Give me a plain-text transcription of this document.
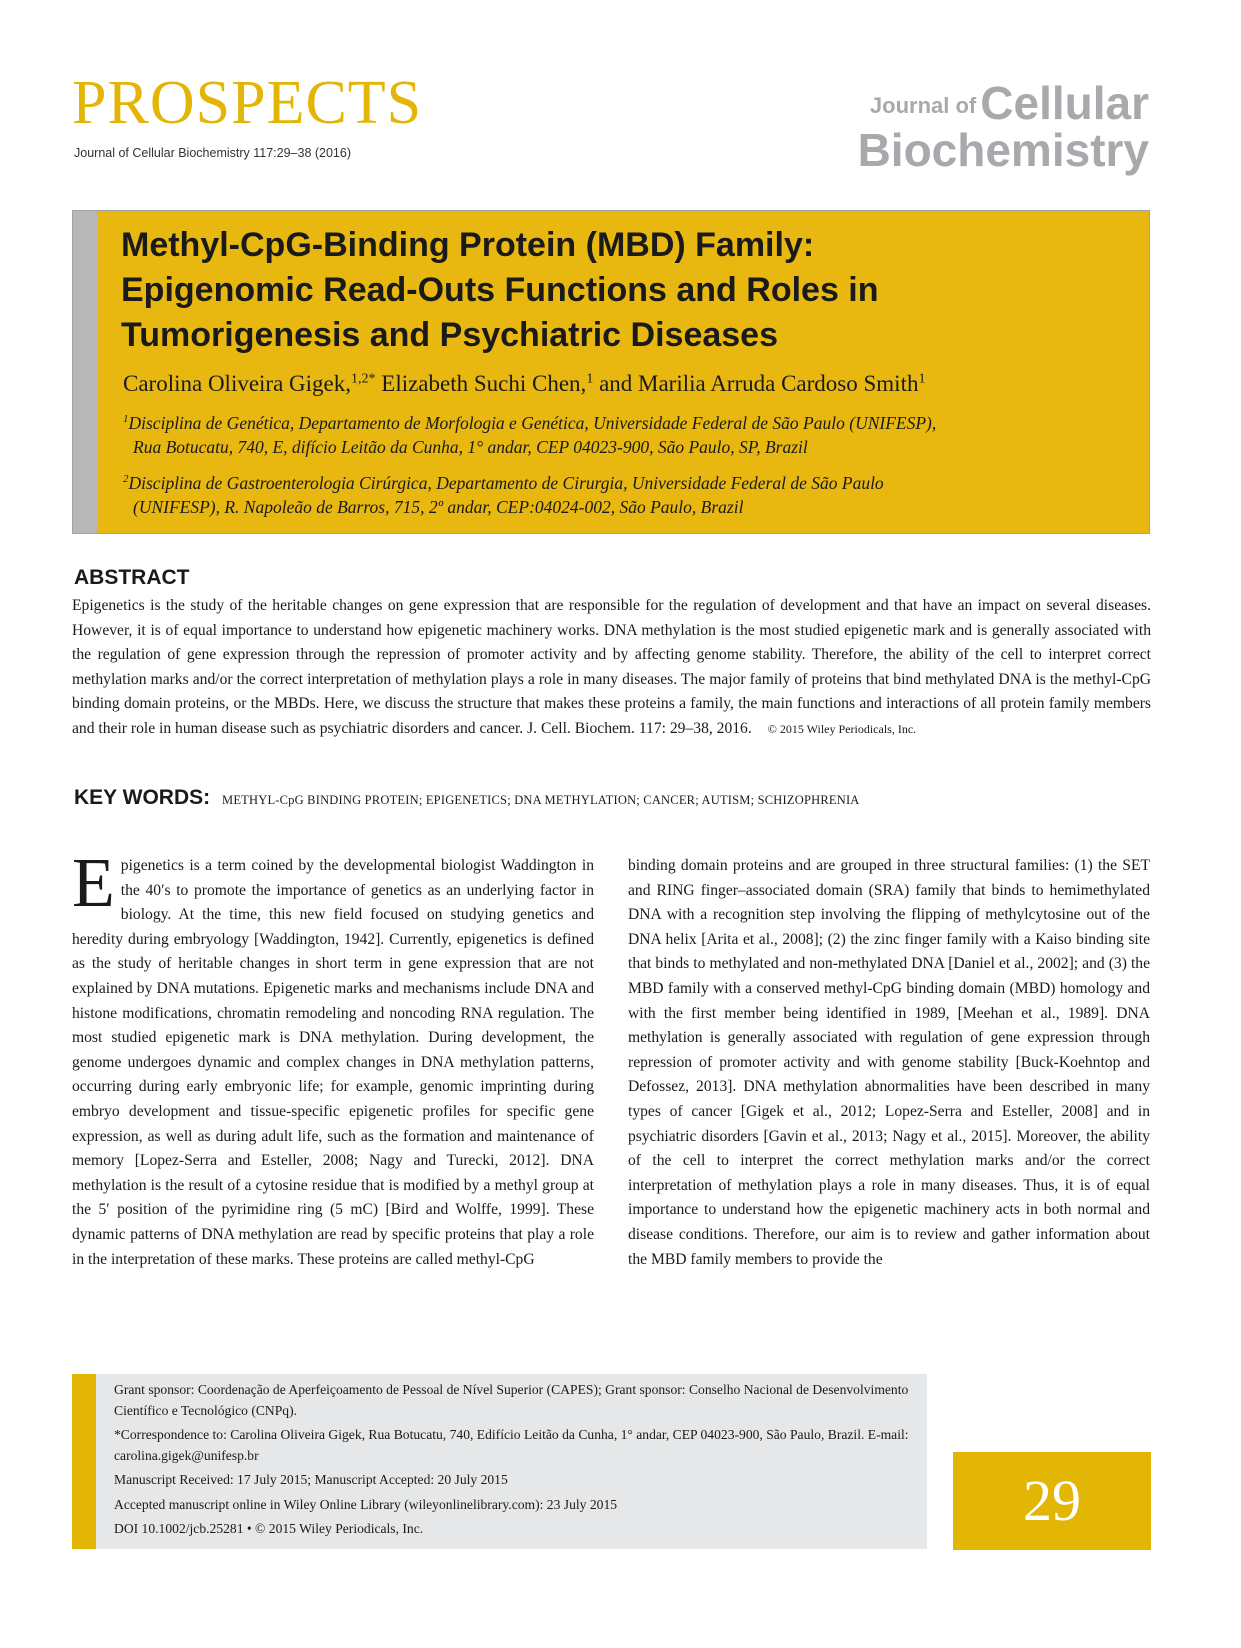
PROSPECTS
Journal of Cellular Biochemistry 117:29–38 (2016)
Journal ofCellular
Biochemistry
Methyl-CpG-Binding Protein (MBD) Family:
Epigenomic Read-Outs Functions and Roles in
Tumorigenesis and Psychiatric Diseases
Carolina Oliveira Gigek,$^{1,2*}$ Elizabeth Suchi Chen,$^1$ and Marilia Arruda Cardoso Smith$^1$
$^1$Disciplina de Genética, Departamento de Morfologia e Genética, Universidade Federal de São Paulo (UNIFESP),
Rua Botucatu, 740, E, difício Leitão da Cunha, 1° andar, CEP 04023-900, São Paulo, SP, Brazil
$^2$Disciplina de Gastroenterologia Cirúrgica, Departamento de Cirurgia, Universidade Federal de São Paulo
(UNIFESP), R. Napoleão de Barros, 715, 2º andar, CEP:04024-002, São Paulo, Brazil
ABSTRACT

Epigenetics is the study of the heritable changes on gene expression that are responsible for the regulation of development and that have an impact on several diseases. However, it is of equal importance to understand how epigenetic machinery works. DNA methylation is the most studied epigenetic mark and is generally associated with the regulation of gene expression through the repression of promoter activity and by affecting genome stability. Therefore, the ability of the cell to interpret correct methylation marks and/or the correct interpretation of methylation plays a role in many diseases. The major family of proteins that bind methylated DNA is the methyl-CpG binding domain proteins, or the MBDs. Here, we discuss the structure that makes these proteins a family, the main functions and interactions of all protein family members and their role in human disease such as psychiatric disorders and cancer. J. Cell. Biochem. 117: 29–38, 2016. © 2015 Wiley Periodicals, Inc.

KEY WORDS: METHYL-CpG BINDING PROTEIN; EPIGENETICS; DNA METHYLATION; CANCER; AUTISM; SCHIZOPHRENIA

Epigenetics is a term coined by the developmental biologist Waddington in the 40′s to promote the importance of genetics as an underlying factor in biology. At the time, this new field focused on studying genetics and heredity during embryology [Waddington, 1942]. Currently, epigenetics is defined as the study of heritable changes in short term in gene expression that are not explained by DNA mutations. Epigenetic marks and mechanisms include DNA and histone modifications, chromatin remodeling and noncoding RNA regulation. The most studied epigenetic mark is DNA methylation. During development, the genome undergoes dynamic and complex changes in DNA methylation patterns, occurring during early embryonic life; for example, genomic imprinting during embryo development and tissue-specific epigenetic profiles for specific gene expression, as well as during adult life, such as the formation and maintenance of memory [Lopez-Serra and Esteller, 2008; Nagy and Turecki, 2012]. DNA methylation is the result of a cytosine residue that is modified by a methyl group at the 5′ position of the pyrimidine ring (5 mC) [Bird and Wolffe, 1999]. These dynamic patterns of DNA methylation are read by specific proteins that play a role in the interpretation of these marks. These proteins are called methyl-CpG

binding domain proteins and are grouped in three structural families: (1) the SET and RING finger–associated domain (SRA) family that binds to hemimethylated DNA with a recognition step involving the flipping of methylcytosine out of the DNA helix [Arita et al., 2008]; (2) the zinc finger family with a Kaiso binding site that binds to methylated and non-methylated DNA [Daniel et al., 2002]; and (3) the MBD family with a conserved methyl-CpG binding domain (MBD) homology and with the first member being identified in 1989, [Meehan et al., 1989]. DNA methylation is generally associated with regulation of gene expression through repression of promoter activity and with genome stability [Buck-Koehntop and Defossez, 2013]. DNA methylation abnormalities have been described in many types of cancer [Gigek et al., 2012; Lopez-Serra and Esteller, 2008] and in psychiatric disorders [Gavin et al., 2013; Nagy et al., 2015]. Moreover, the ability of the cell to interpret the correct methylation marks and/or the correct interpretation of methylation plays a role in many diseases. Thus, it is of equal importance to understand how the epigenetic machinery acts in both normal and disease conditions. Therefore, our aim is to review and gather information about the MBD family members to provide the

Grant sponsor: Coordenação de Aperfeiçoamento de Pessoal de Nível Superior (CAPES); Grant sponsor: Conselho Nacional de Desenvolvimento Científico e Tecnológico (CNPq).

*Correspondence to: Carolina Oliveira Gigek, Rua Botucatu, 740, Edifício Leitão da Cunha, 1° andar, CEP 04023-900, São Paulo, Brazil. E-mail: carolina.gigek@unifesp.br

Manuscript Received: 17 July 2015; Manuscript Accepted: 20 July 2015

Accepted manuscript online in Wiley Online Library (wileyonlinelibrary.com): 23 July 2015

DOI 10.1002/jcb.25281 • © 2015 Wiley Periodicals, Inc.	29
